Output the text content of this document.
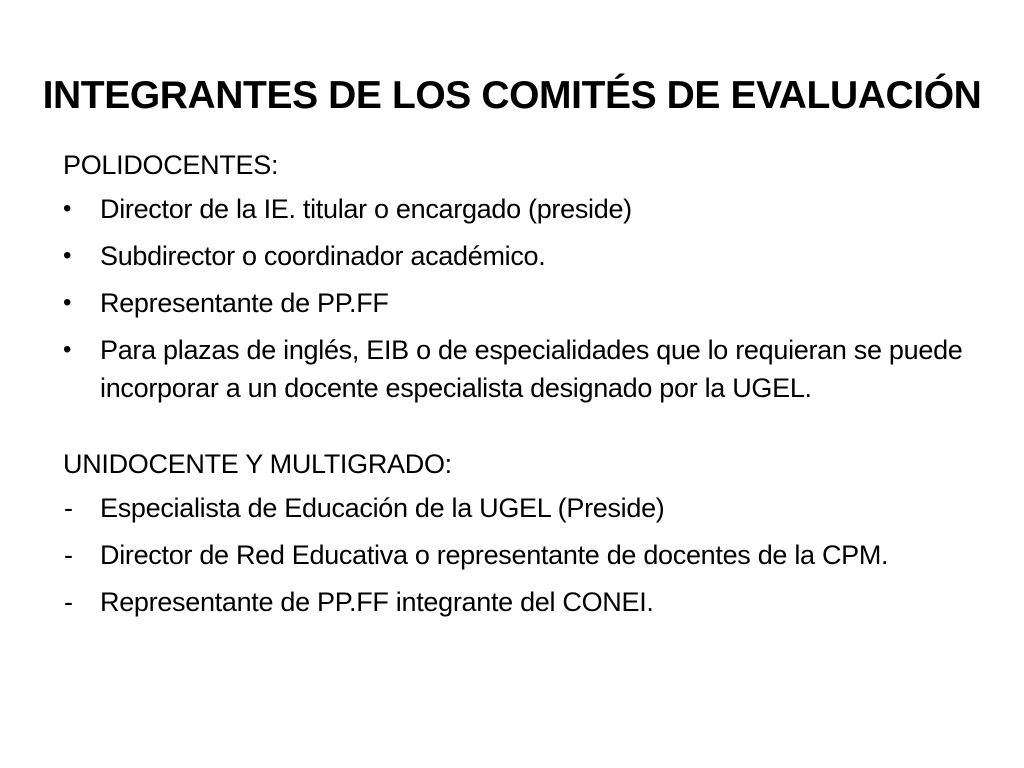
INTEGRANTES DE LOS COMITÉS DE EVALUACIÓN
POLIDOCENTES:
• Director de la IE. titular o encargado (preside)
• Subdirector o coordinador académico.
• Representante de PP.FF
• Para plazas de inglés, EIB o de especialidades que lo requieran se puede incorporar a un docente especialista designado por la UGEL.
UNIDOCENTE Y MULTIGRADO:
- Especialista de Educación de la UGEL (Preside)
- Director de Red Educativa o representante de docentes de la CPM.
- Representante de PP.FF integrante del CONEI.
